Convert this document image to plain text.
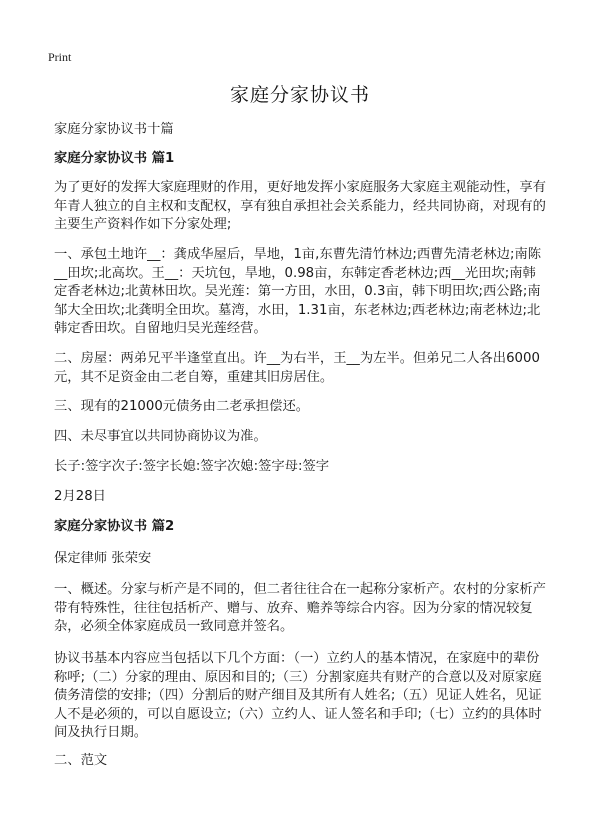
Print
家庭分家协议书
家庭分家协议书十篇
家庭分家协议书 篇1
为了更好的发挥大家庭理财的作用，更好地发挥小家庭服务大家庭主观能动性，享有年青人独立的自主权和支配权，享有独自承担社会关系能力，经共同协商，对现有的主要生产资料作如下分家处理;
一、承包土地许__：龚成华屋后，旱地，1亩,东曹先清竹林边;西曹先清老林边;南陈__田坎;北高坎。王__：天坑包，旱地，0.98亩，东韩定香老林边;西__光田坎;南韩定香老林边;北黄林田坎。吴光莲：第一方田，水田，0.3亩，韩下明田坎;西公路;南邹大全田坎;北龚明全田坎。墓湾，水田，1.31亩，东老林边;西老林边;南老林边;北韩定香田坎。自留地归吴光莲经营。
二、房屋：两弟兄平半逢堂直出。许__为右半，王__为左半。但弟兄二人各出6000元，其不足资金由二老自筹，重建其旧房居住。
三、现有的21000元债务由二老承担偿还。
四、未尽事宜以共同协商协议为准。
长子:签字次子:签字长媳:签字次媳:签字母:签字
2月28日
家庭分家协议书 篇2
保定律师 张荣安
一、概述。分家与析产是不同的，但二者往往合在一起称分家析产。农村的分家析产带有特殊性，往往包括析产、赠与、放弃、赡养等综合内容。因为分家的情况较复杂，必须全体家庭成员一致同意并签名。
协议书基本内容应当包括以下几个方面：（一）立约人的基本情况，在家庭中的辈份称呼;（二）分家的理由、原因和目的;（三）分割家庭共有财产的合意以及对原家庭债务清偿的安排;（四）分割后的财产细目及其所有人姓名;（五）见证人姓名，见证人不是必须的，可以自愿设立;（六）立约人、证人签名和手印;（七）立约的具体时间及执行日期。
二、范文
